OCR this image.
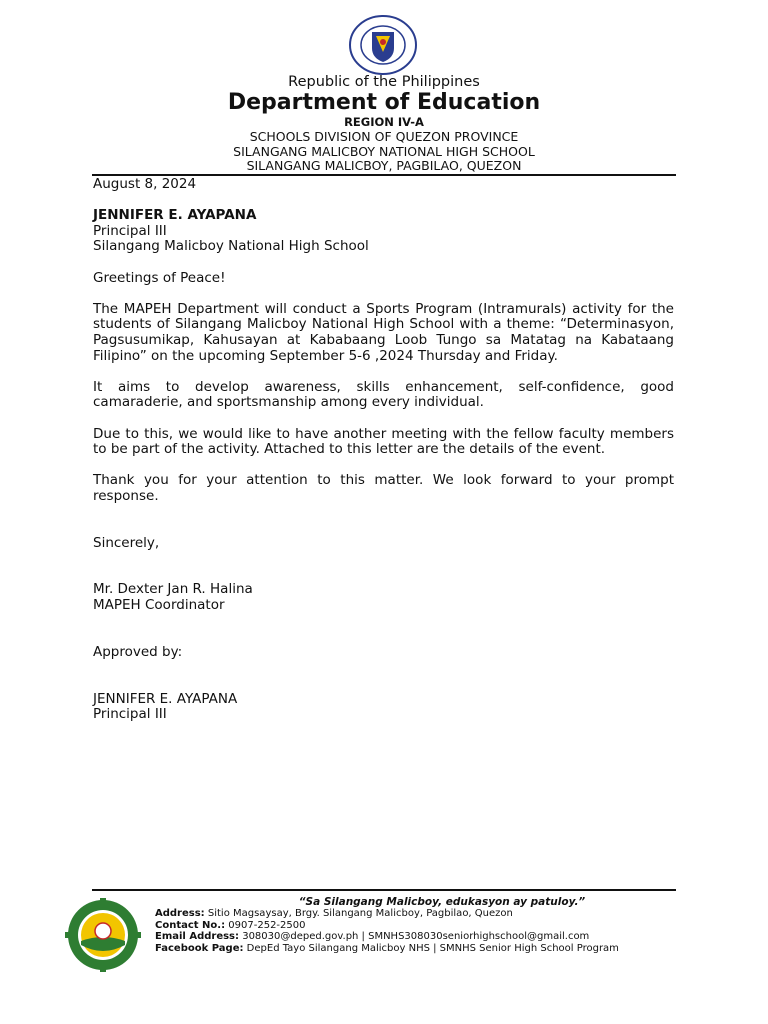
Republic of the Philippines
Department of Education
REGION IV-A
SCHOOLS DIVISION OF QUEZON PROVINCE
SILANGANG MALICBOY NATIONAL HIGH SCHOOL
SILANGANG MALICBOY, PAGBILAO, QUEZON

August 8, 2024

JENNIFER E. AYAPANA

Principal III

Silangang Malicboy National High School

Greetings of Peace!

The MAPEH Department will conduct a Sports Program (Intramurals) activity for the students of Silangang Malicboy National High School with a theme: “Determinasyon, Pagsusumikap, Kahusayan at Kababaang Loob Tungo sa Matatag na Kabataang Filipino” on the upcoming September 5-6 ,2024 Thursday and Friday.

It aims to develop awareness, skills enhancement, self-confidence, good camaraderie, and sportsmanship among every individual.

Due to this, we would like to have another meeting with the fellow faculty members to be part of the activity. Attached to this letter are the details of the event.

Thank you for your attention to this matter. We look forward to your prompt response.

Sincerely,

Mr. Dexter Jan R. Halina

MAPEH Coordinator

Approved by:

JENNIFER E. AYAPANA

Principal III

“Sa Silangang Malicboy, edukasyon ay patuloy.”
Address: Sitio Magsaysay, Brgy. Silangang Malicboy, Pagbilao, Quezon
Contact No.: 0907-252-2500
Email Address: 308030@deped.gov.ph | SMNHS308030seniorhighschool@gmail.com
Facebook Page: DepEd Tayo Silangang Malicboy NHS | SMNHS Senior High School Program
